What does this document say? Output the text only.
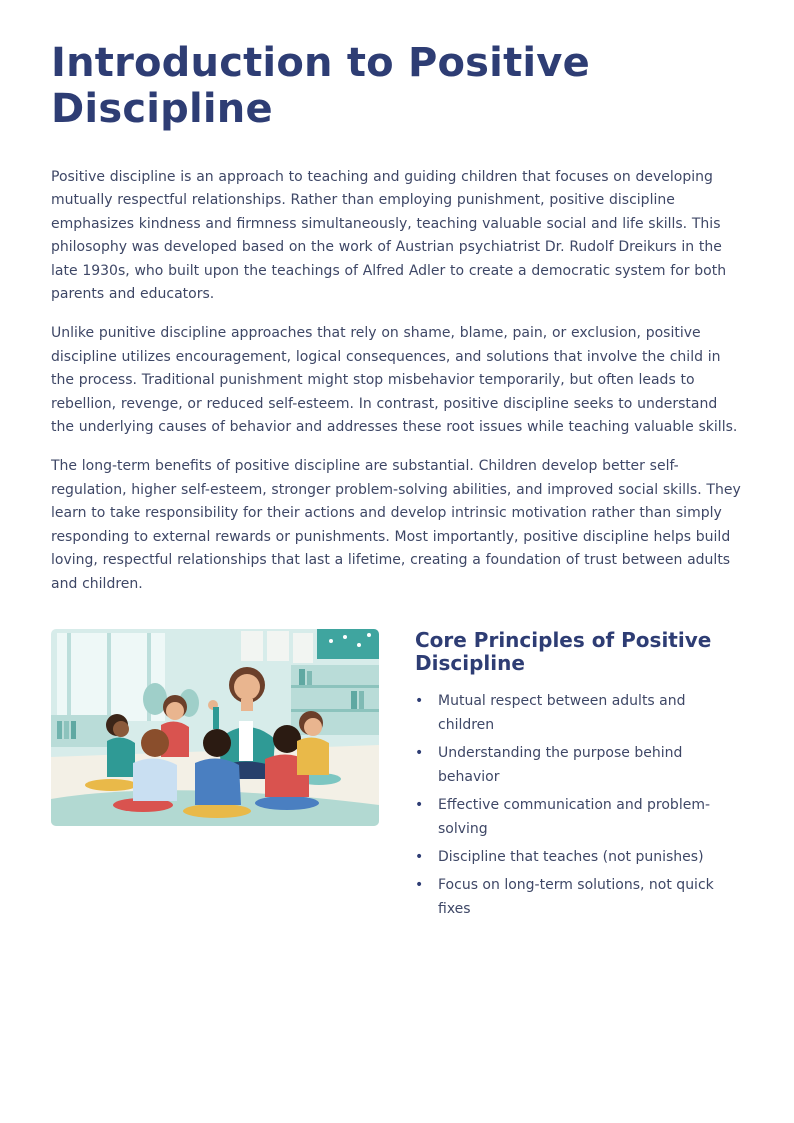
Introduction to Positive Discipline

Positive discipline is an approach to teaching and guiding children that focuses on developing mutually respectful relationships. Rather than employing punishment, positive discipline emphasizes kindness and firmness simultaneously, teaching valuable social and life skills. This philosophy was developed based on the work of Austrian psychiatrist Dr. Rudolf Dreikurs in the late 1930s, who built upon the teachings of Alfred Adler to create a democratic system for both parents and educators.

Unlike punitive discipline approaches that rely on shame, blame, pain, or exclusion, positive discipline utilizes encouragement, logical consequences, and solutions that involve the child in the process. Traditional punishment might stop misbehavior temporarily, but often leads to rebellion, revenge, or reduced self-esteem. In contrast, positive discipline seeks to understand the underlying causes of behavior and addresses these root issues while teaching valuable skills.

The long-term benefits of positive discipline are substantial. Children develop better self-regulation, higher self-esteem, stronger problem-solving abilities, and improved social skills. They learn to take responsibility for their actions and develop intrinsic motivation rather than simply responding to external rewards or punishments. Most importantly, positive discipline helps build loving, respectful relationships that last a lifetime, creating a foundation of trust between adults and children.

Core Principles of Positive Discipline
• Mutual respect between adults and children
• Understanding the purpose behind behavior
• Effective communication and problem-solving
• Discipline that teaches (not punishes)
• Focus on long-term solutions, not quick fixes
